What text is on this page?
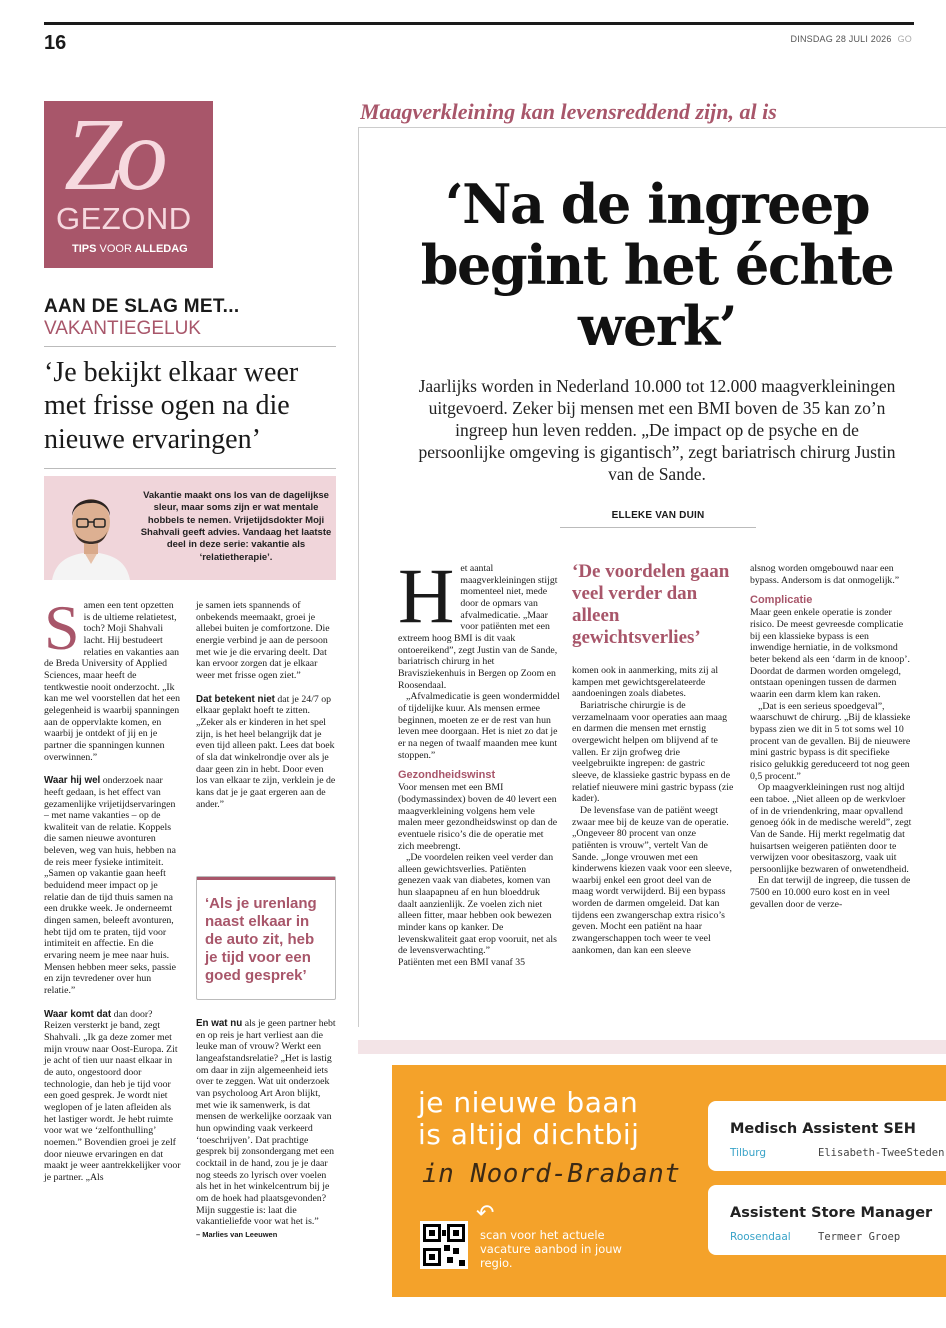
16	DINSDAG 28 JULI 2026 GO
Zo
GEZOND
TIPS VOOR ALLEDAG
AAN DE SLAG MET...
VAKANTIEGELUK
‘Je bekijkt elkaar weer met frisse ogen na die nieuwe ervaringen’
Vakantie maakt ons los van de dagelijkse sleur, maar soms zijn er wat mentale hobbels te nemen. Vrijetijdsdokter Moji Shahvali geeft advies. Vandaag het laatste deel in deze serie: vakantie als ‘relatietherapie’.
S amen een tent opzetten is de ultieme relatietest, toch? Moji Shahvali lacht. Hij bestudeert relaties en vakanties aan de Breda University of Applied Sciences, maar heeft de tentkwestie nooit onderzocht. „Ik kan me wel voorstellen dat het een gelegenheid is waarbij spanningen aan de oppervlakte komen, en waarbij je ontdekt of jij en je partner die spanningen kunnen overwinnen.”

Waar hij wel onderzoek naar heeft gedaan, is het effect van gezamenlijke vrijetijdservaringen – met name vakanties – op de kwaliteit van de relatie. Koppels die samen nieuwe avonturen beleven, weg van huis, hebben na de reis meer fysieke intimiteit. „Samen op vakantie gaan heeft beduidend meer impact op je relatie dan de tijd thuis samen na een drukke week. Je onderneemt dingen samen, beleeft avonturen, hebt tijd om te praten, tijd voor intimiteit en affectie. En die ervaring neem je mee naar huis. Mensen hebben meer seks, passie en zijn tevredener over hun relatie.”

Waar komt dat dan door? Reizen versterkt je band, zegt Shahvali. „Ik ga deze zomer met mijn vrouw naar Oost-Europa. Zit je acht of tien uur naast elkaar in de auto, ongestoord door technologie, dan heb je tijd voor een goed gesprek. Je wordt niet weglopen of je laten afleiden als het lastiger wordt. Je hebt ruimte voor wat we ‘zelfonthulling’ noemen.” Bovendien groei je zelf door nieuwe ervaringen en dat maakt je weer aantrekkelijker voor je partner. „Als

je samen iets spannends of onbekends meemaakt, groei je allebei buiten je comfortzone. Die energie verbind je aan de persoon met wie je die ervaring deelt. Dat kan ervoor zorgen dat je elkaar weer met frisse ogen ziet.”

Dat betekent niet dat je 24/7 op elkaar geplakt hoeft te zitten. „Zeker als er kinderen in het spel zijn, is het heel belangrijk dat je even tijd alleen pakt. Lees dat boek of sla dat winkelrondje over als je daar geen zin in hebt. Door even los van elkaar te zijn, verklein je de kans dat je je gaat ergeren aan de ander.”

‘Als je urenlang naast elkaar in de auto zit, heb je tijd voor een goed gesprek’

En wat nu als je geen partner hebt en op reis je hart verliest aan die leuke man of vrouw? Werkt een langeafstandsrelatie? „Het is lastig om daar in zijn algemeenheid iets over te zeggen. Wat uit onderzoek van psycholoog Art Aron blijkt, met wie ik samenwerk, is dat mensen de werkelijke oorzaak van hun opwinding vaak verkeerd ‘toeschrijven’. Dat prachtige gesprek bij zonsondergang met een cocktail in de hand, zou je je daar nog steeds zo lyrisch over voelen als het in het winkelcentrum bij je om de hoek had plaatsgevonden? Mijn suggestie is: laat die vakantieliefde voor wat het is.”

– Marlies van Leeuwen

Maagverkleining kan levensreddend zijn, al is
‘Na de ingreep begint het échte werk’

Jaarlijks worden in Nederland 10.000 tot 12.000 maagverkleiningen uitgevoerd. Zeker bij mensen met een BMI boven de 35 kan zo’n ingreep hun leven redden. „De impact op de psyche en de persoonlijke omgeving is gigantisch”, zegt bariatrisch chirurg Justin van de Sande.

ELLEKE VAN DUIN
H et aantal maagverkleiningen stijgt momenteel niet, mede door de opmars van afvalmedicatie. „Maar voor patiënten met een extreem hoog BMI is dit vaak ontoereikend”, zegt Justin van de Sande, bariatrisch chirurg in het Bravisziekenhuis in Bergen op Zoom en Roosendaal.

„Afvalmedicatie is geen wondermiddel of tijdelijke kuur. Als mensen ermee beginnen, moeten ze er de rest van hun leven mee doorgaan. Het is niet zo dat je er na negen of twaalf maanden mee kunt stoppen.”

Gezondheidswinst

Voor mensen met een BMI (bodymassindex) boven de 40 levert een maagverkleining volgens hem vele malen meer gezondheidswinst op dan de eventuele risico’s die de operatie met zich meebrengt.

„De voordelen reiken veel verder dan alleen gewichtsverlies. Patiënten genezen vaak van diabetes, komen van hun slaapapneu af en hun bloeddruk daalt aanzienlijk. Ze voelen zich niet alleen fitter, maar hebben ook bewezen minder kans op kanker. De levenskwaliteit gaat erop vooruit, net als de levensverwachting.”

Patiënten met een BMI vanaf 35

‘De voordelen gaan veel verder dan alleen gewichtsverlies’

komen ook in aanmerking, mits zij al kampen met gewichtsgerelateerde aandoeningen zoals diabetes.

Bariatrische chirurgie is de verzamelnaam voor operaties aan maag en darmen die mensen met ernstig overgewicht helpen om blijvend af te vallen. Er zijn grofweg drie veelgebruikte ingrepen: de gastric sleeve, de klassieke gastric bypass en de relatief nieuwere mini gastric bypass (zie kader).

De levensfase van de patiënt weegt zwaar mee bij de keuze van de operatie. „Ongeveer 80 procent van onze patiënten is vrouw”, vertelt Van de Sande. „Jonge vrouwen met een kinderwens kiezen vaak voor een sleeve, waarbij enkel een groot deel van de maag wordt verwijderd. Bij een bypass worden de darmen omgeleid. Dat kan tijdens een zwangerschap extra risico’s geven. Mocht een patiënt na haar zwangerschappen toch weer te veel aankomen, dan kan een sleeve

alsnog worden omgebouwd naar een bypass. Andersom is dat onmogelijk.”

Complicatie

Maar geen enkele operatie is zonder risico. De meest gevreesde complicatie bij een klassieke bypass is een inwendige herniatie, in de volksmond beter bekend als een ‘darm in de knoop’. Doordat de darmen worden omgelegd, ontstaan openingen tussen de darmen waarin een darm klem kan raken.

„Dat is een serieus spoedgeval”, waarschuwt de chirurg. „Bij de klassieke bypass zien we dit in 5 tot soms wel 10 procent van de gevallen. Bij de nieuwere mini gastric bypass is dit specifieke risico gelukkig gereduceerd tot nog geen 0,5 procent.”

Op maagverkleiningen rust nog altijd een taboe. „Niet alleen op de werkvloer of in de vriendenkring, maar opvallend genoeg óók in de medische wereld”, zegt Van de Sande. Hij merkt regelmatig dat huisartsen weigeren patiënten door te verwijzen voor obesitaszorg, vaak uit persoonlijke bezwaren of onwetendheid.

En dat terwijl de ingreep, die tussen de 7500 en 10.000 euro kost en in veel gevallen door de verze-

je nieuwe baan
is altijd dichtbij
in Noord-Brabant
↶
scan voor het actuele vacature aanbod in jouw regio.
Medisch Assistent SEH
Tilburg	Elisabeth-TweeSteden
Assistent Store Manager
Roosendaal	Termeer Groep
